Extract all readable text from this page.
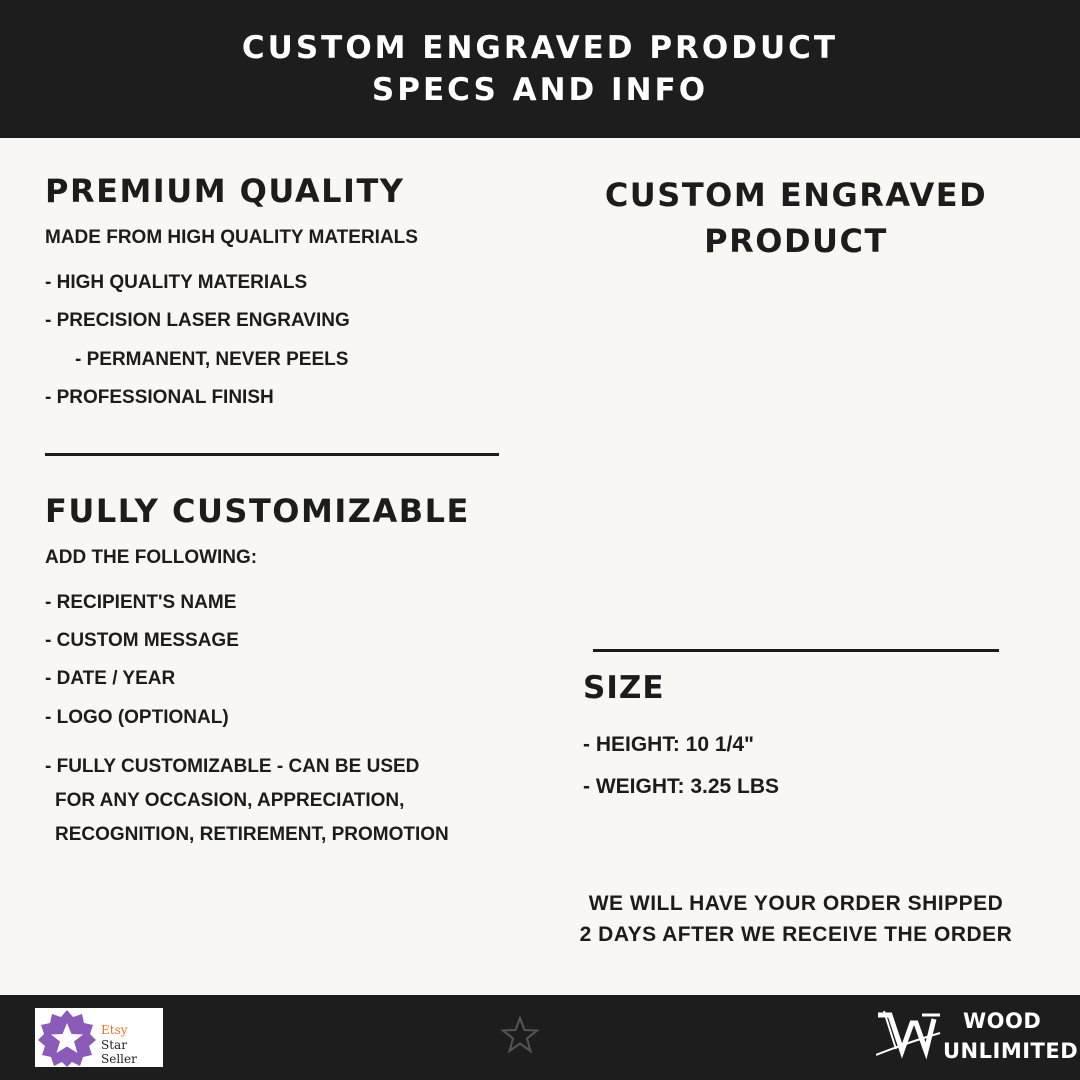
CUSTOM ENGRAVED PRODUCT
SPECS AND INFO
PREMIUM QUALITY
MADE FROM HIGH QUALITY MATERIALS
- HIGH QUALITY MATERIALS
- PRECISION LASER ENGRAVING
- PERMANENT, NEVER PEELS
- PROFESSIONAL FINISH
FULLY CUSTOMIZABLE
ADD THE FOLLOWING:
- RECIPIENT'S NAME
- CUSTOM MESSAGE
- DATE / YEAR
- LOGO (OPTIONAL)
- FULLY CUSTOMIZABLE - CAN BE USED
FOR ANY OCCASION, APPRECIATION,
RECOGNITION, RETIREMENT, PROMOTION
CUSTOM ENGRAVED
PRODUCT
SIZE
- HEIGHT: 10 1/4"
- WEIGHT: 3.25 LBS
WE WILL HAVE YOUR ORDER SHIPPED
2 DAYS AFTER WE RECEIVE THE ORDER
Etsy
Star Seller
WOOD
UNLIMITED
